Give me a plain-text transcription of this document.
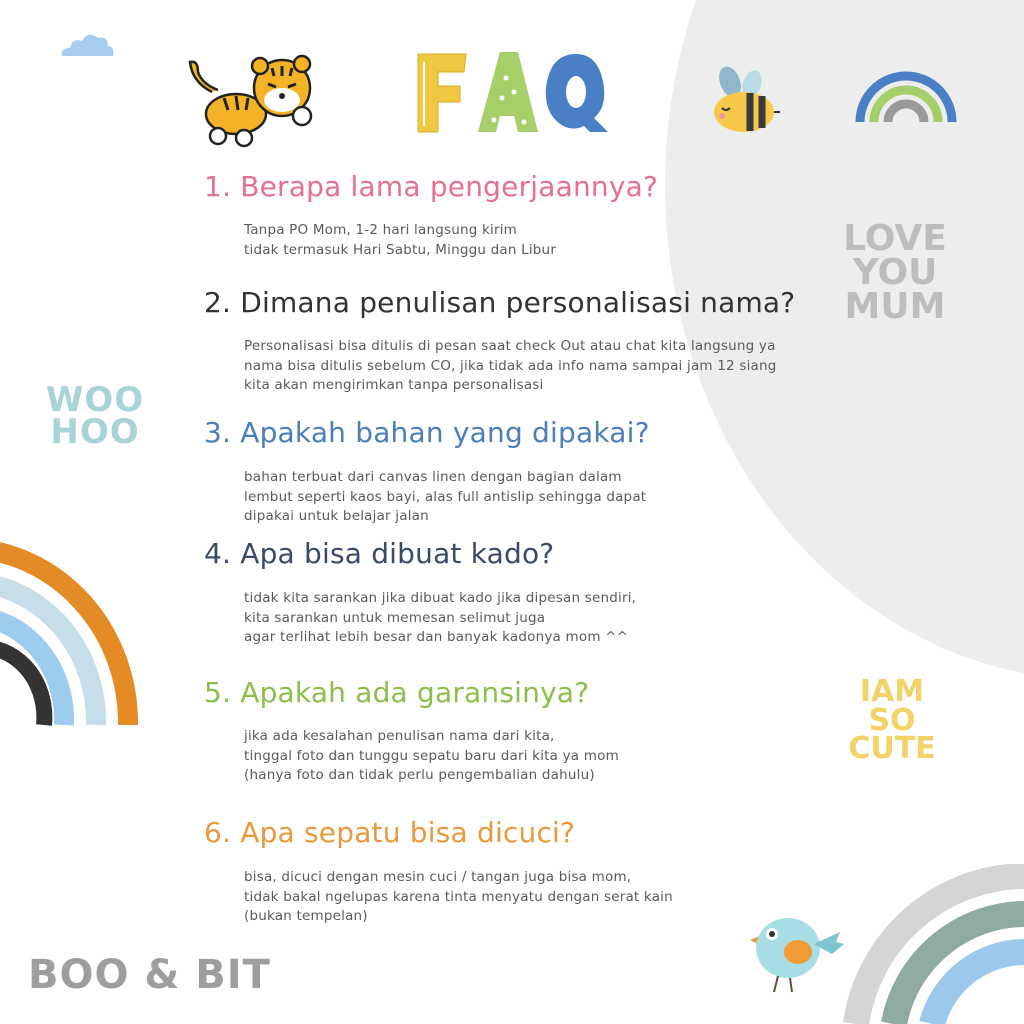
LOVE
YOU
MUM
WOO
HOO
IAM
SO
CUTE
BOO & BIT
1. Berapa lama pengerjaannya?
Tanpa PO Mom, 1-2 hari langsung kirim
tidak termasuk Hari Sabtu, Minggu dan Libur
2. Dimana penulisan personalisasi nama?
Personalisasi bisa ditulis di pesan saat check Out atau chat kita langsung ya
nama bisa ditulis sebelum CO, jika tidak ada info nama sampai jam 12 siang
kita akan mengirimkan tanpa personalisasi
3. Apakah bahan yang dipakai?
bahan terbuat dari canvas linen dengan bagian dalam
lembut seperti kaos bayi, alas full antislip sehingga dapat
dipakai untuk belajar jalan
4. Apa bisa dibuat kado?
tidak kita sarankan jika dibuat kado jika dipesan sendiri,
kita sarankan untuk memesan selimut juga
agar terlihat lebih besar dan banyak kadonya mom ^^
5. Apakah ada garansinya?
jika ada kesalahan penulisan nama dari kita,
tinggal foto dan tunggu sepatu baru dari kita ya mom
(hanya foto dan tidak perlu pengembalian dahulu)
6. Apa sepatu bisa dicuci?
bisa, dicuci dengan mesin cuci / tangan juga bisa mom,
tidak bakal ngelupas karena tinta menyatu dengan serat kain
(bukan tempelan)
